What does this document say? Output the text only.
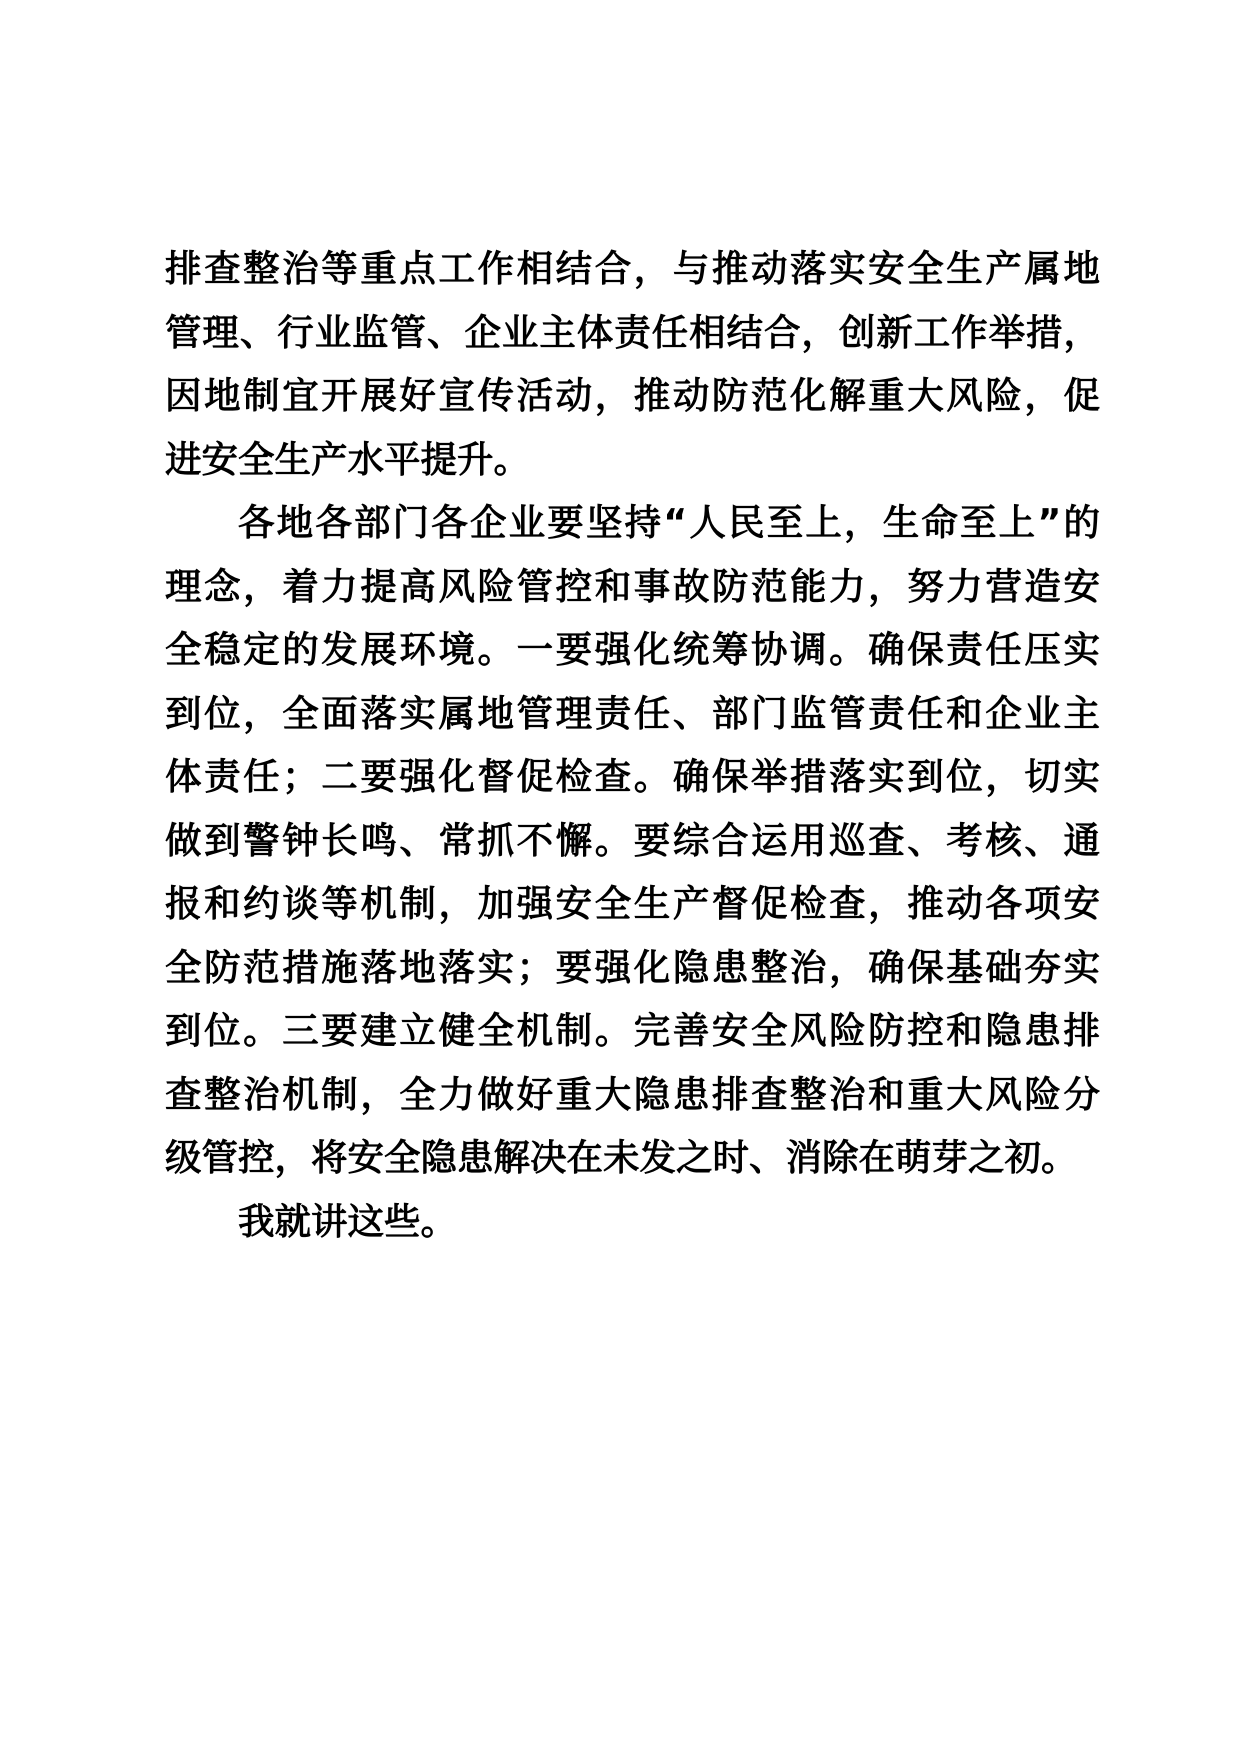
排查整治等重点工作相结合，与推动落实安全生产属地
管理、行业监管、企业主体责任相结合，创新工作举措，
因地制宜开展好宣传活动，推动防范化解重大风险，促
进安全生产水平提升。
各地各部门各企业要坚持“人民至上，生命至上”的
理念，着力提高风险管控和事故防范能力，努力营造安
全稳定的发展环境。一要强化统筹协调。确保责任压实
到位，全面落实属地管理责任、部门监管责任和企业主
体责任；二要强化督促检查。确保举措落实到位，切实
做到警钟长鸣、常抓不懈。要综合运用巡查、考核、通
报和约谈等机制，加强安全生产督促检查，推动各项安
全防范措施落地落实；要强化隐患整治，确保基础夯实
到位。三要建立健全机制。完善安全风险防控和隐患排
查整治机制，全力做好重大隐患排查整治和重大风险分
级管控，将安全隐患解决在未发之时、消除在萌芽之初。
我就讲这些。
